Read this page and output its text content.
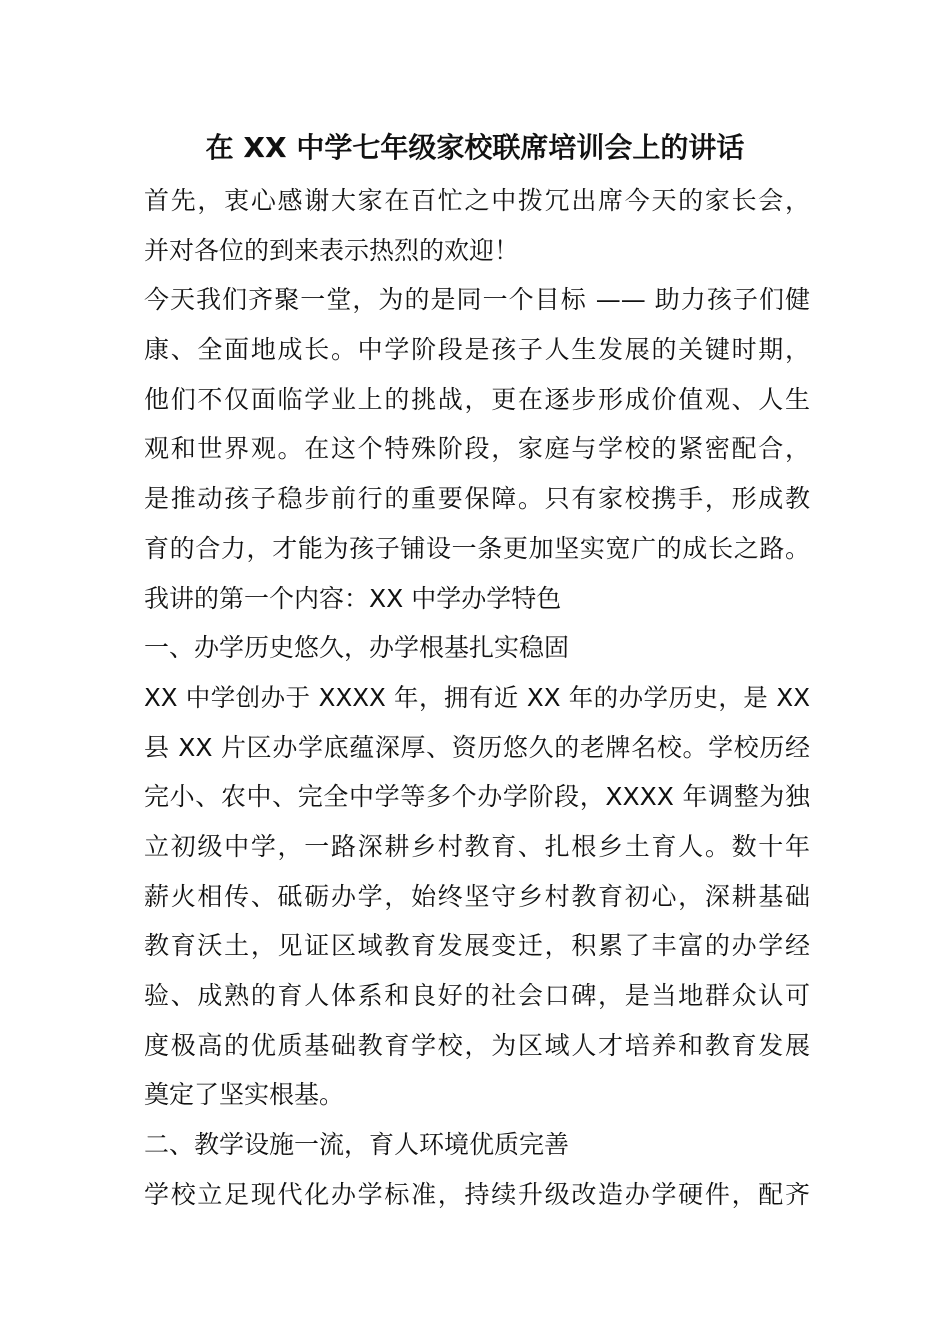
在 XX 中学七年级家校联席培训会上的讲话
首先，衷心感谢大家在百忙之中拨冗出席今天的家长会，
并对各位的到来表示热烈的欢迎！
今天我们齐聚一堂，为的是同一个目标 —— 助力孩子们健
康、全面地成长。中学阶段是孩子人生发展的关键时期，
他们不仅面临学业上的挑战，更在逐步形成价值观、人生
观和世界观。在这个特殊阶段，家庭与学校的紧密配合，
是推动孩子稳步前行的重要保障。只有家校携手，形成教
育的合力，才能为孩子铺设一条更加坚实宽广的成长之路。
我讲的第一个内容：XX 中学办学特色
一、办学历史悠久，办学根基扎实稳固
XX 中学创办于 XXXX 年，拥有近 XX 年的办学历史，是 XX
县 XX 片区办学底蕴深厚、资历悠久的老牌名校。学校历经
完小、农中、完全中学等多个办学阶段，XXXX 年调整为独
立初级中学，一路深耕乡村教育、扎根乡土育人。数十年
薪火相传、砥砺办学，始终坚守乡村教育初心，深耕基础
教育沃土，见证区域教育发展变迁，积累了丰富的办学经
验、成熟的育人体系和良好的社会口碑，是当地群众认可
度极高的优质基础教育学校，为区域人才培养和教育发展
奠定了坚实根基。
二、教学设施一流，育人环境优质完善
学校立足现代化办学标准，持续升级改造办学硬件，配齐
